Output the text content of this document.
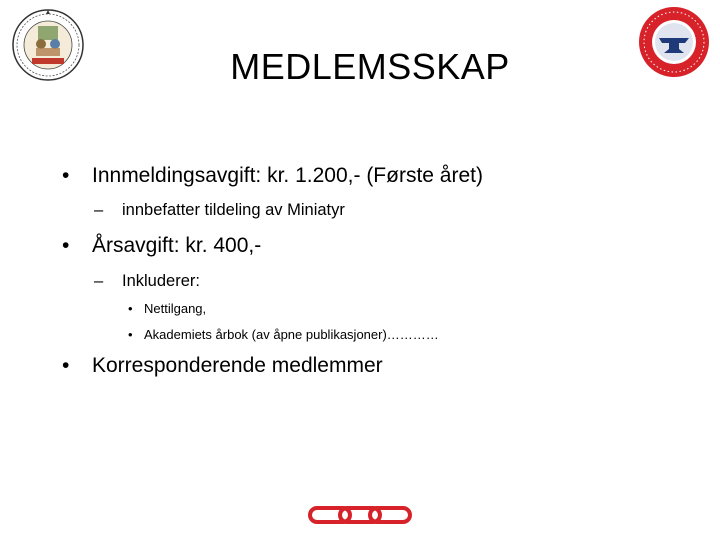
MEDLEMSSKAP
• Innmeldingsavgift: kr. 1.200,- (Første året)
– innbefatter tildeling av Miniatyr
• Årsavgift: kr. 400,-
– Inkluderer:
• Nettilgang,
• Akademiets årbok (av åpne publikasjoner)…………
• Korresponderende medlemmer
